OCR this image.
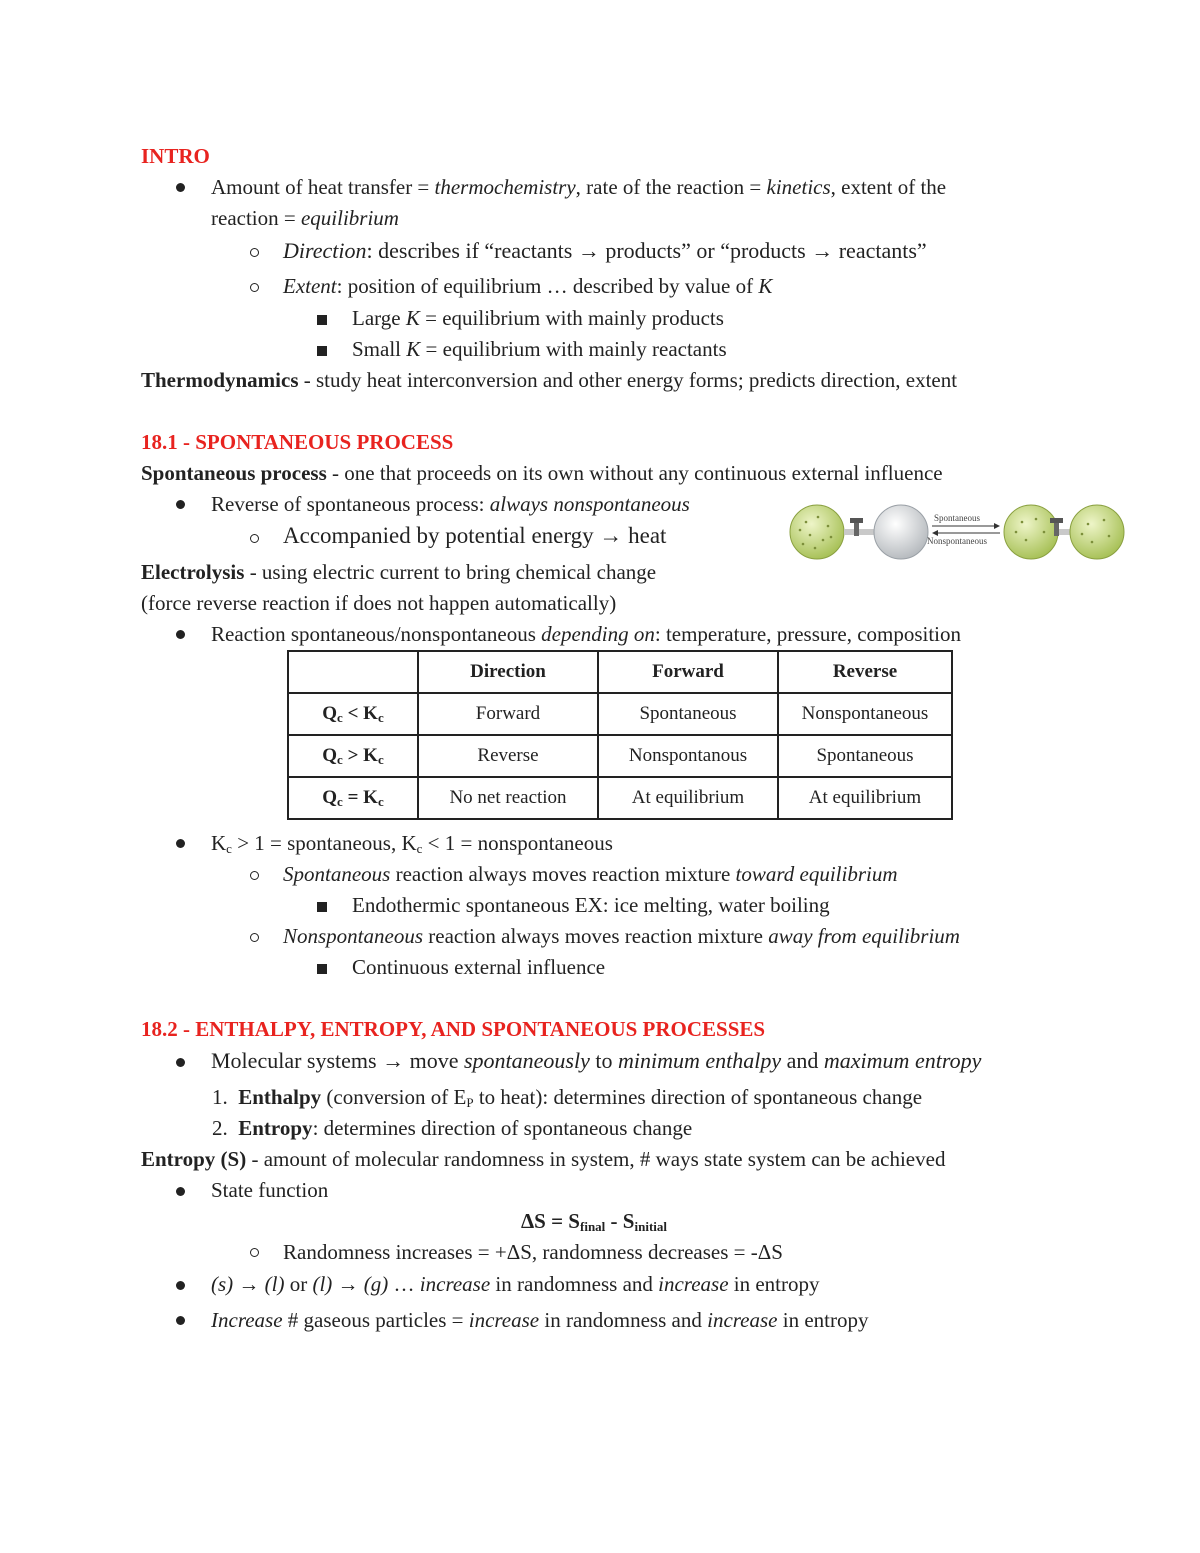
INTRO
Amount of heat transfer = thermochemistry, rate of the reaction = kinetics, extent of the
reaction = equilibrium
Direction: describes if “reactants → products” or “products → reactants”
Extent: position of equilibrium … described by value of K
Large K = equilibrium with mainly products
Small K = equilibrium with mainly reactants
Thermodynamics - study heat interconversion and other energy forms; predicts direction, extent
18.1 - SPONTANEOUS PROCESS
Spontaneous process - one that proceeds on its own without any continuous external influence
Reverse of spontaneous process: always nonspontaneous
Accompanied by potential energy → heat
Spontaneous
Nonspontaneous
Electrolysis - using electric current to bring chemical change
(force reverse reaction if does not happen automatically)
Reaction spontaneous/nonspontaneous depending on: temperature, pressure, composition
	Direction	Forward	Reverse
$Q_c < K_c$	Forward	Spontaneous	Nonspontaneous
$Q_c > K_c$	Reverse	Nonspontanous	Spontaneous
$Q_c = K_c$	No net reaction	At equilibrium	At equilibrium
$K_c > 1$ = spontaneous, $K_c < 1$ = nonspontaneous
Spontaneous reaction always moves reaction mixture toward equilibrium
Endothermic spontaneous EX: ice melting, water boiling
Nonspontaneous reaction always moves reaction mixture away from equilibrium
Continuous external influence
18.2 - ENTHALPY, ENTROPY, AND SPONTANEOUS PROCESSES
Molecular systems → move spontaneously to minimum enthalpy and maximum entropy
1. Enthalpy (conversion of $E_P$ to heat): determines direction of spontaneous change
2. Entropy: determines direction of spontaneous change
Entropy (S) - amount of molecular randomness in system, # ways state system can be achieved
State function
$\Delta S = S_{final} - S_{initial}$
Randomness increases = +ΔS, randomness decreases = -ΔS
(s) → (l) or (l) → (g) … increase in randomness and increase in entropy
Increase # gaseous particles = increase in randomness and increase in entropy
